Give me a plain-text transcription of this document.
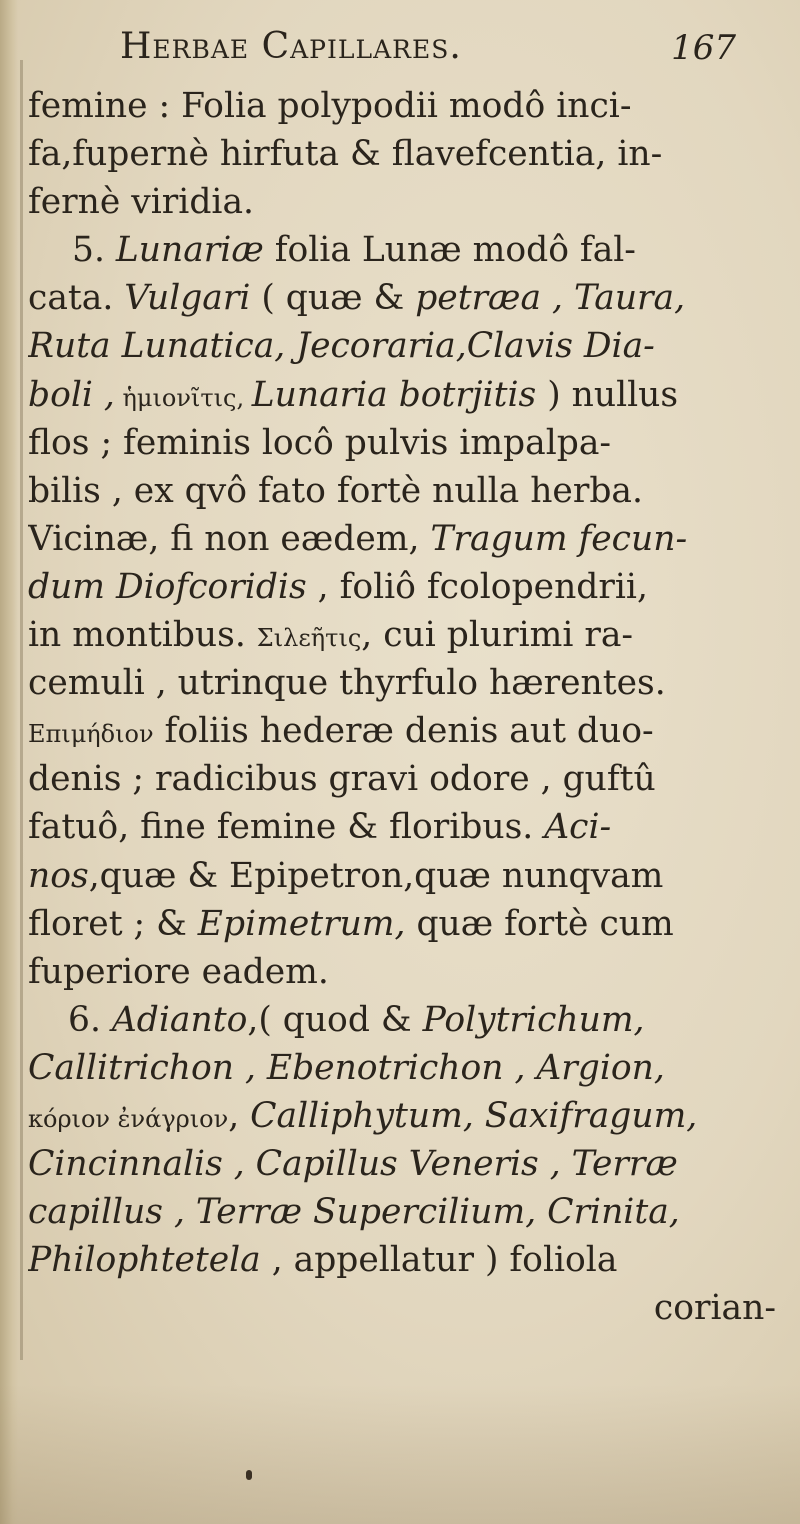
Herbae Capillares.	167
femine : Folia polypodii modô inci-
fa,fupernè hirfuta & flavefcentia, in-
fernè viridia.
5. Lunariæ folia Lunæ modô fal-
cata. Vulgari ( quæ & petræa , Taura,
Ruta Lunatica, Jecoraria,Clavis Dia-
boli , ἡμιονῖτις, Lunaria botrjitis ) nullus
flos ; feminis locô pulvis impalpa-
bilis , ex qvô fato fortè nulla herba.
Vicinæ, fi non eædem, Tragum fecun-
dum Diofcoridis , foliô fcolopendrii,
in montibus. Σιλεῆτις, cui plurimi ra-
cemuli , utrinque thyrfulo hærentes.
Επιμήδιον foliis hederæ denis aut duo-
denis ; radicibus gravi odore , guftû
fatuô, fine femine & floribus. Aci-
nos,quæ & Epipetron,quæ nunqvam
floret ; & Epimetrum, quæ fortè cum
fuperiore eadem.
6. Adianto,( quod & Polytrichum,
Callitrichon , Ebenotrichon , Argion,
κόριον ἐνάγριον, Calliphytum, Saxifragum,
Cincinnalis , Capillus Veneris , Terræ
capillus , Terræ Supercilium, Crinita,
Philophtetela , appellatur ) foliola
corian-
